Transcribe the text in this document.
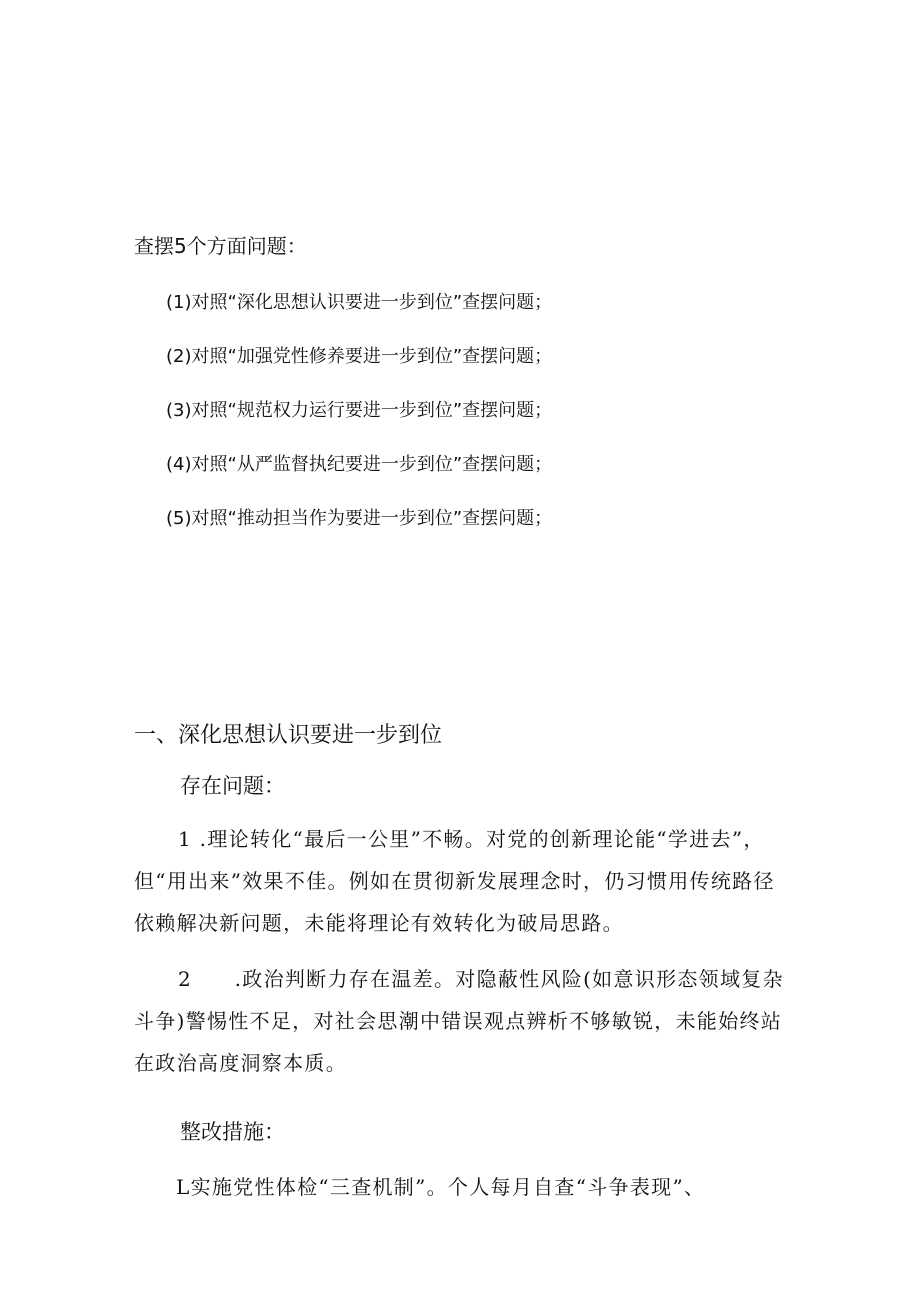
查摆5个方面问题：

(1)对照“深化思想认识要进一步到位”查摆问题；

(2)对照“加强党性修养要进一步到位”查摆问题；

(3)对照“规范权力运行要进一步到位”查摆问题；

(4)对照“从严监督执纪要进一步到位”查摆问题；

(5)对照“推动担当作为要进一步到位”查摆问题；

一、深化思想认识要进一步到位

存在问题：

1 .理论转化“最后一公里”不畅。对党的创新理论能“学进去”，但“用出来”效果不佳。例如在贯彻新发展理念时，仍习惯用传统路径依赖解决新问题，未能将理论有效转化为破局思路。

2　　.政治判断力存在温差。对隐蔽性风险(如意识形态领域复杂斗争)警惕性不足，对社会思潮中错误观点辨析不够敏锐，未能始终站在政治高度洞察本质。

整改措施：

L实施党性体检“三查机制”。个人每月自查“斗争表现”、
